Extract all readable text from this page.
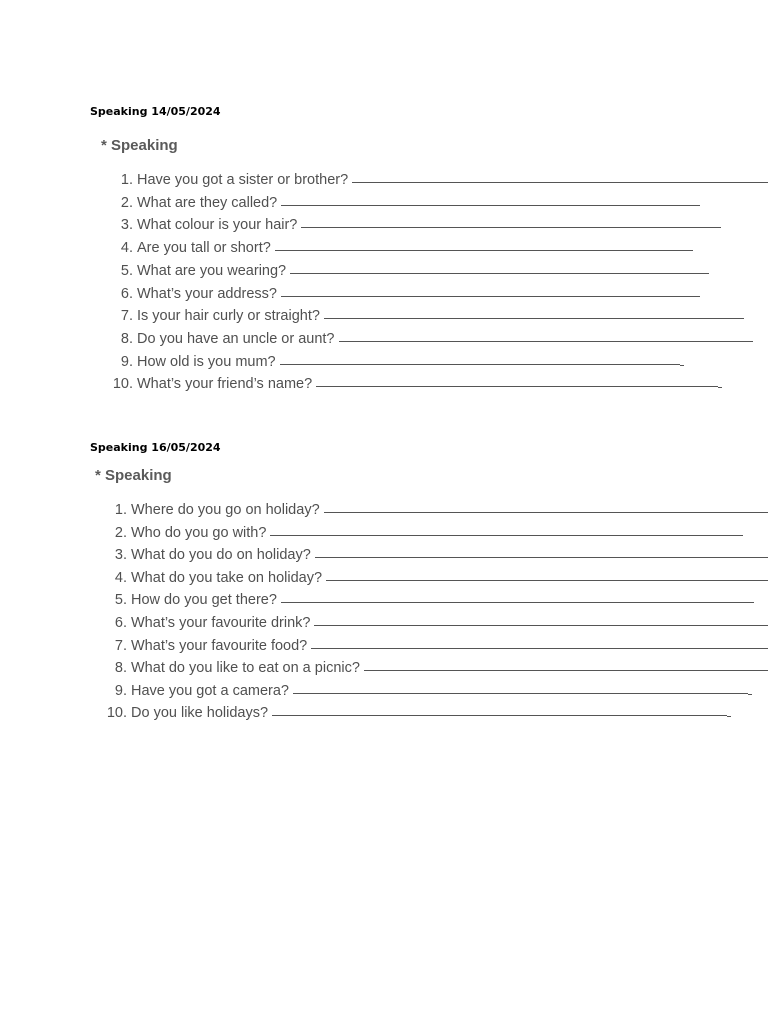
Speaking 14/05/2024
* Speaking
1. Have you got a sister or brother?
2. What are they called?
3. What colour is your hair?
4. Are you tall or short?
5. What are you wearing?
6. What’s your address?
7. Is your hair curly or straight?
8. Do you have an uncle or aunt?
9. How old is you mum?
10. What’s your friend’s name?
Speaking 16/05/2024
* Speaking
1. Where do you go on holiday?
2. Who do you go with?
3. What do you do on holiday?
4. What do you take on holiday?
5. How do you get there?
6. What’s your favourite drink?
7. What’s your favourite food?
8. What do you like to eat on a picnic?
9. Have you got a camera?
10. Do you like holidays?
